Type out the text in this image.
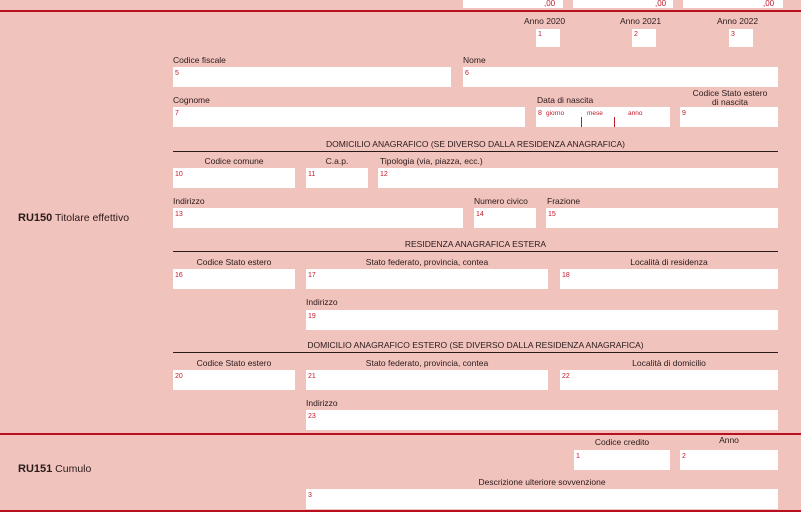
,00	,00	,00
Anno 2020
1
Anno 2021
2
Anno 2022
3
RU150 Titolare effettivo
Codice fiscale
5
Nome
6
Cognome
7
Data di nascita
8 giorno	mese	anno
Codice Stato estero
di nascita
9
DOMICILIO ANAGRAFICO (SE DIVERSO DALLA RESIDENZA ANAGRAFICA)
Codice comune
10
C.a.p.
11
Tipologia (via, piazza, ecc.)
12
Indirizzo
13
Numero civico
14
Frazione
15
RESIDENZA ANAGRAFICA ESTERA
Codice Stato estero
16
Stato federato, provincia, contea
17
Località di residenza
18
Indirizzo
19
DOMICILIO ANAGRAFICO ESTERO (SE DIVERSO DALLA RESIDENZA ANAGRAFICA)
Codice Stato estero
20
Stato federato, provincia, contea
21
Località di domicilio
22
Indirizzo
23
RU151 Cumulo
Codice credito
1
Anno
2
Descrizione ulteriore sovvenzione
3
